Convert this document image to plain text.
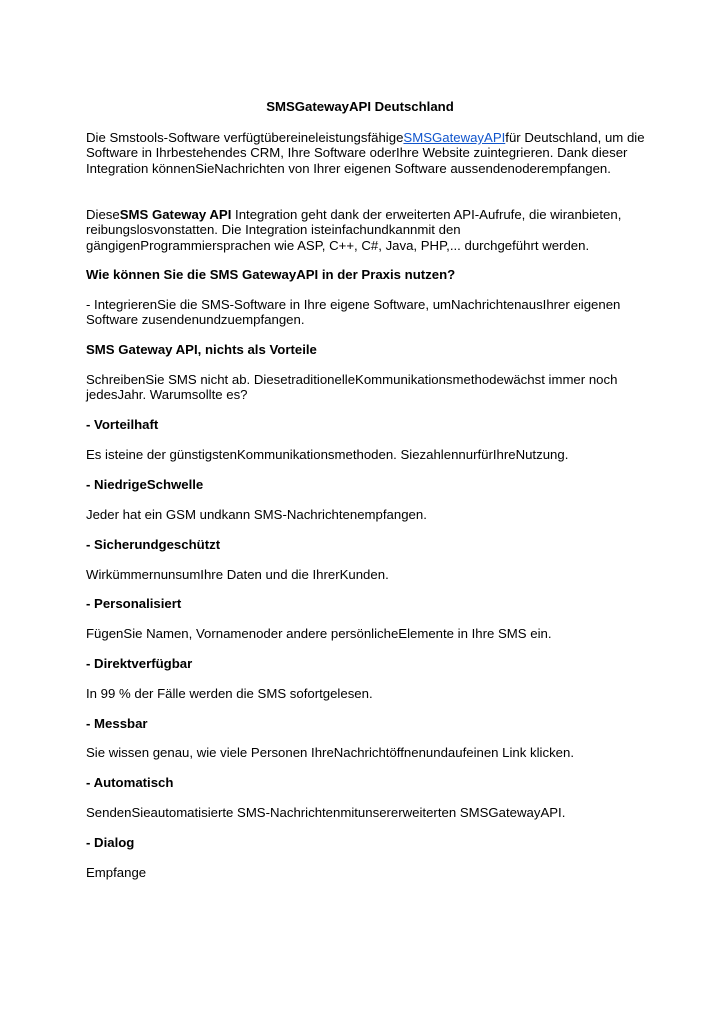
SMSGatewayAPI Deutschland

Die Smstools-Software verfügtübereineleistungsfähigeSMSGatewayAPIfür Deutschland, um die Software in Ihrbestehendes CRM, Ihre Software oderIhre Website zuintegrieren. Dank dieser Integration könnenSieNachrichten von Ihrer eigenen Software aussendenoderempfangen.

DieseSMS Gateway API Integration geht dank der erweiterten API-Aufrufe, die wiranbieten, reibungslosvonstatten. Die Integration isteinfachundkannmit den gängigenProgrammiersprachen wie ASP, C++, C#, Java, PHP,... durchgeführt werden.

Wie können Sie die SMS GatewayAPI in der Praxis nutzen?

- IntegrierenSie die SMS-Software in Ihre eigene Software, umNachrichtenausIhrer eigenen Software zusendenundzuempfangen.

SMS Gateway API, nichts als Vorteile

SchreibenSie SMS nicht ab. DiesetraditionelleKommunikationsmethodewächst immer noch jedesJahr. Warumsollte es?

- Vorteilhaft

Es isteine der günstigstenKommunikationsmethoden. SiezahlennurfürIhreNutzung.

- NiedrigeSchwelle

Jeder hat ein GSM undkann SMS-Nachrichtenempfangen.

- Sicherundgeschützt

WirkümmernunsumIhre Daten und die IhrerKunden.

- Personalisiert

FügenSie Namen, Vornamenoder andere persönlicheElemente in Ihre SMS ein.

- Direktverfügbar

In 99 % der Fälle werden die SMS sofortgelesen.

- Messbar

Sie wissen genau, wie viele Personen IhreNachrichtöffnenundaufeinen Link klicken.

- Automatisch

SendenSieautomatisierte SMS-Nachrichtenmitunsererweiterten SMSGatewayAPI.

- Dialog

Empfange
